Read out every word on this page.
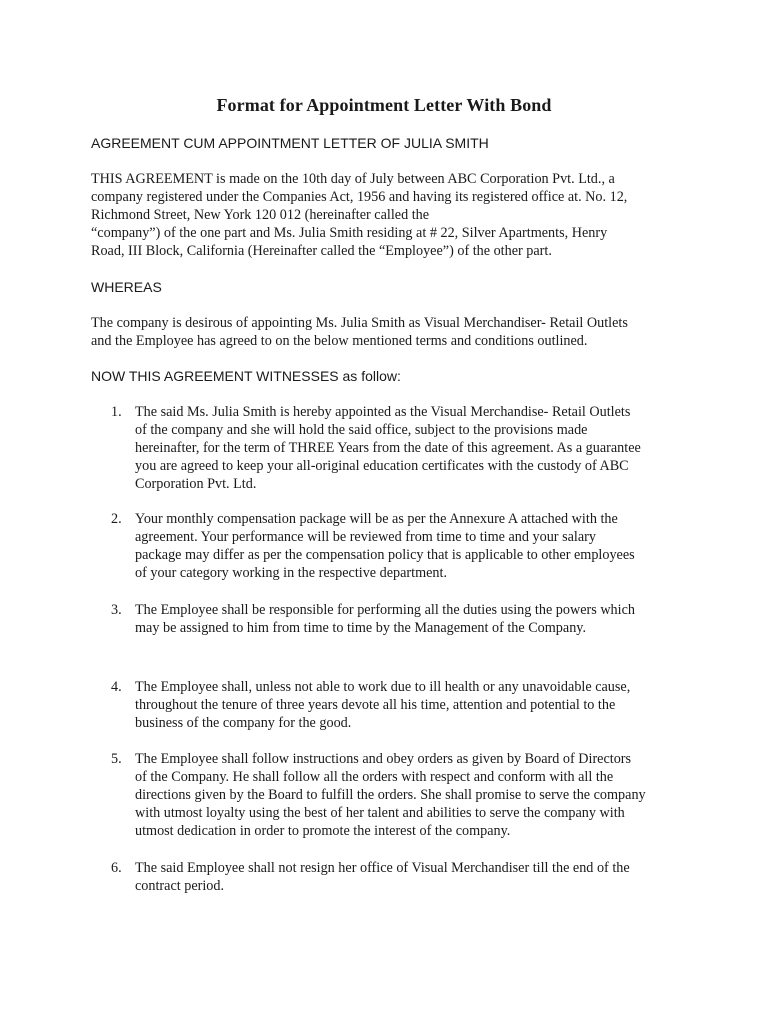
Format for Appointment Letter With Bond
AGREEMENT CUM APPOINTMENT LETTER OF JULIA SMITH
THIS AGREEMENT is made on the 10th day of July between ABC Corporation Pvt. Ltd., a
company registered under the Companies Act, 1956 and having its registered office at. No. 12,
Richmond Street, New York 120 012 (hereinafter called the
“company”) of the one part and Ms. Julia Smith residing at # 22, Silver Apartments, Henry
Road, III Block, California (Hereinafter called the “Employee”) of the other part.
WHEREAS
The company is desirous of appointing Ms. Julia Smith as Visual Merchandiser- Retail Outlets
and the Employee has agreed to on the below mentioned terms and conditions outlined.
NOW THIS AGREEMENT WITNESSES as follow:
1. The said Ms. Julia Smith is hereby appointed as the Visual Merchandise- Retail Outlets
of the company and she will hold the said office, subject to the provisions made
hereinafter, for the term of THREE Years from the date of this agreement. As a guarantee
you are agreed to keep your all-original education certificates with the custody of ABC
Corporation Pvt. Ltd.
2. Your monthly compensation package will be as per the Annexure A attached with the
agreement. Your performance will be reviewed from time to time and your salary
package may differ as per the compensation policy that is applicable to other employees
of your category working in the respective department.
3. The Employee shall be responsible for performing all the duties using the powers which
may be assigned to him from time to time by the Management of the Company.
4. The Employee shall, unless not able to work due to ill health or any unavoidable cause,
throughout the tenure of three years devote all his time, attention and potential to the
business of the company for the good.
5. The Employee shall follow instructions and obey orders as given by Board of Directors
of the Company. He shall follow all the orders with respect and conform with all the
directions given by the Board to fulfill the orders. She shall promise to serve the company
with utmost loyalty using the best of her talent and abilities to serve the company with
utmost dedication in order to promote the interest of the company.
6. The said Employee shall not resign her office of Visual Merchandiser till the end of the
contract period.
